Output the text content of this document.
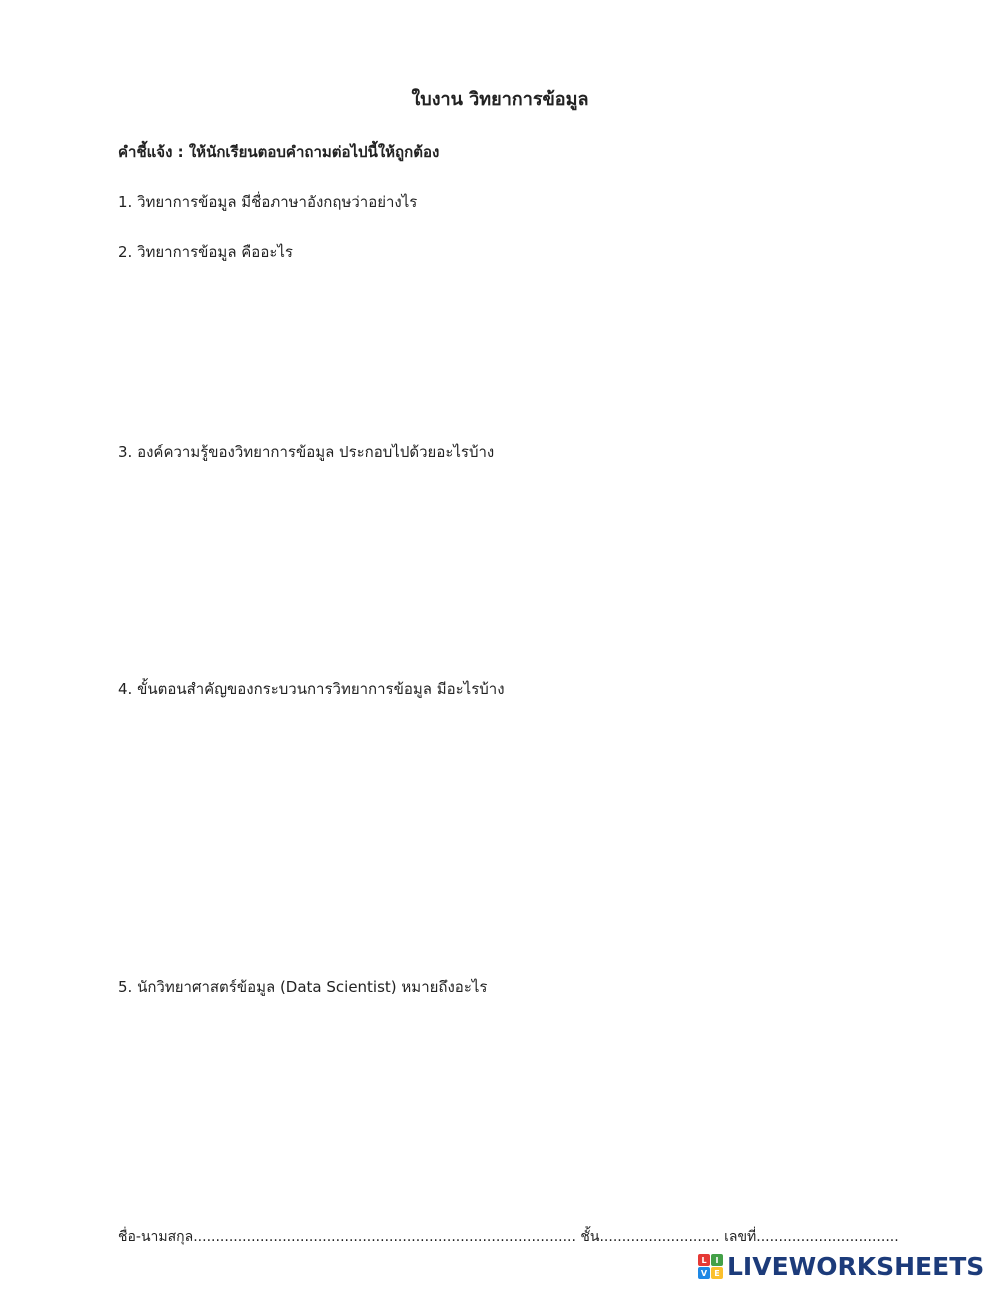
ใบงาน วิทยาการข้อมูล

คำชี้แจ้ง : ให้นักเรียนตอบคำถามต่อไปนี้ให้ถูกต้อง

1. วิทยาการข้อมูล มีชื่อภาษาอังกฤษว่าอย่างไร

2. วิทยาการข้อมูล คืออะไร

3. องค์ความรู้ของวิทยาการข้อมูล ประกอบไปด้วยอะไรบ้าง

4. ขั้นตอนสำคัญของกระบวนการวิทยาการข้อมูล มีอะไรบ้าง

5. นักวิทยาศาสตร์ข้อมูล (Data Scientist) หมายถึงอะไร

ชื่อ-นามสกุล...................................................................................... ชั้น........................... เลขที่................................
L	I
V E LIVEWORKSHEETS
